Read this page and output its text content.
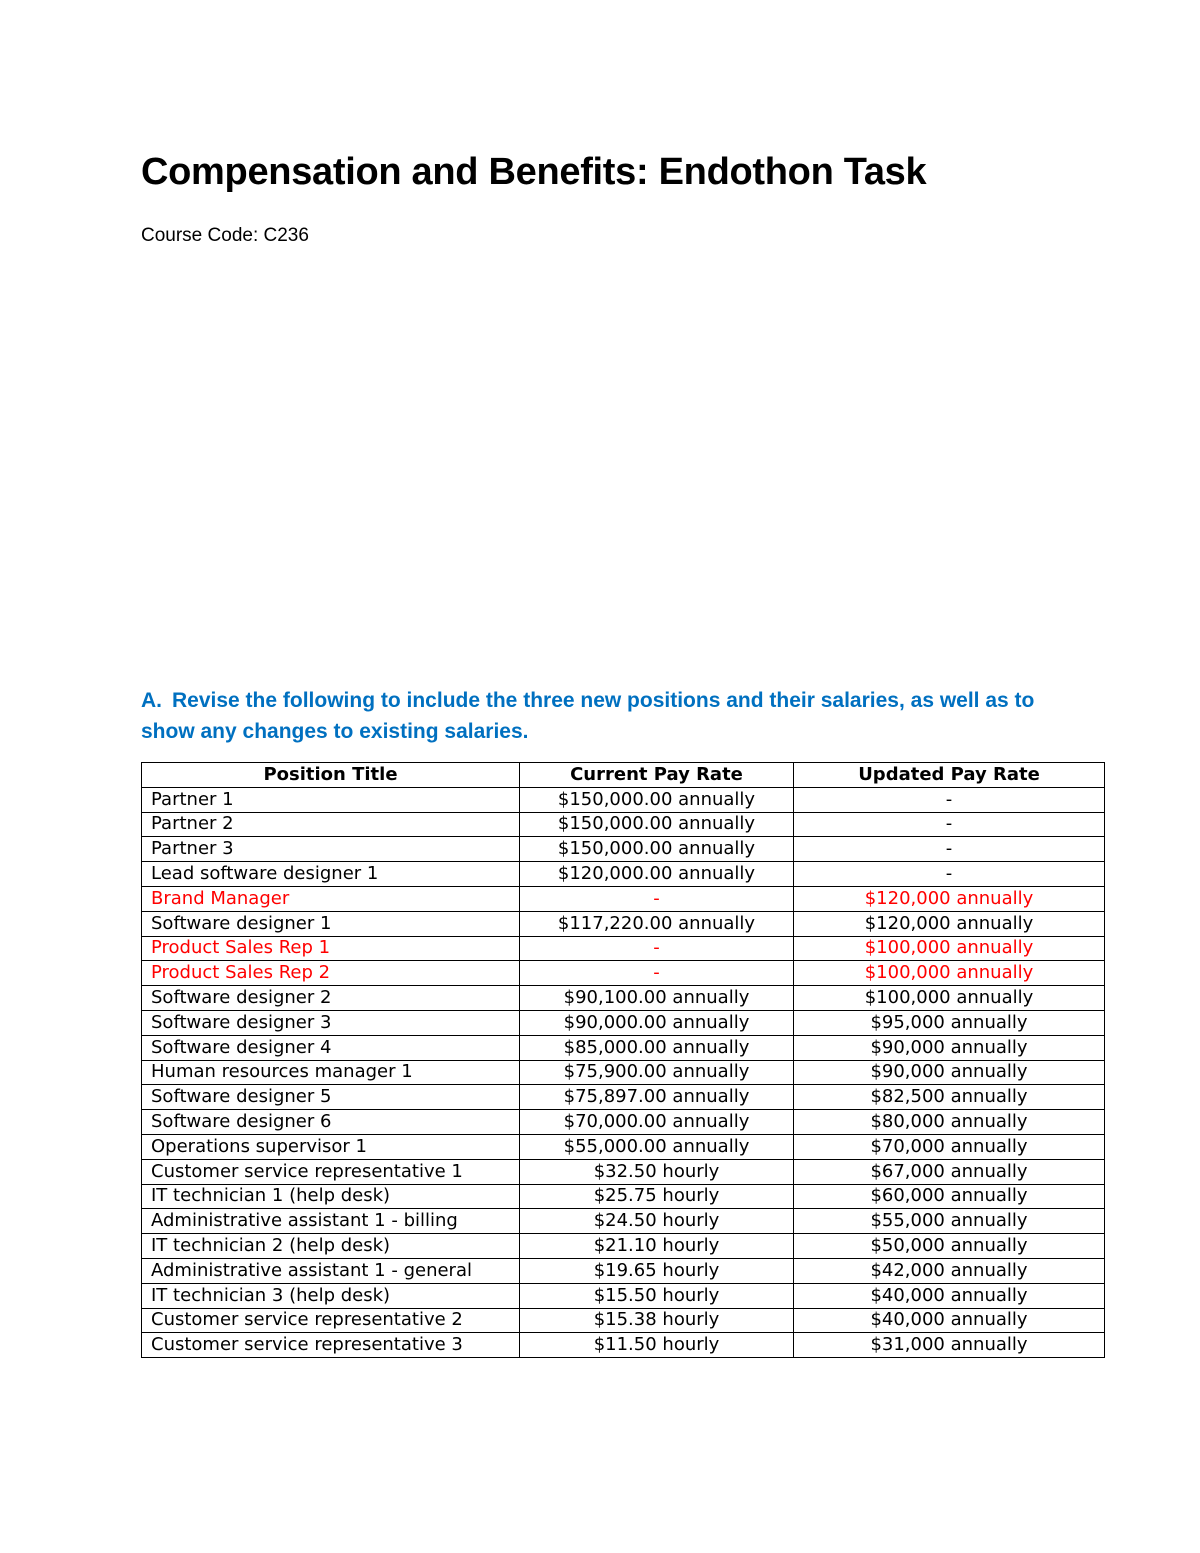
Compensation and Benefits: Endothon Task

Course Code: C236

A. Revise the following to include the three new positions and their salaries, as well as to show any changes to existing salaries.

Position Title	Current Pay Rate	Updated Pay Rate
Partner 1	$150,000.00 annually	-
Partner 2	$150,000.00 annually	-
Partner 3	$150,000.00 annually	-
Lead software designer 1	$120,000.00 annually	-
Brand Manager	-	$120,000 annually
Software designer 1	$117,220.00 annually	$120,000 annually
Product Sales Rep 1	-	$100,000 annually
Product Sales Rep 2	-	$100,000 annually
Software designer 2	$90,100.00 annually	$100,000 annually
Software designer 3	$90,000.00 annually	$95,000 annually
Software designer 4	$85,000.00 annually	$90,000 annually
Human resources manager 1	$75,900.00 annually	$90,000 annually
Software designer 5	$75,897.00 annually	$82,500 annually
Software designer 6	$70,000.00 annually	$80,000 annually
Operations supervisor 1	$55,000.00 annually	$70,000 annually
Customer service representative 1	$32.50 hourly	$67,000 annually
IT technician 1 (help desk)	$25.75 hourly	$60,000 annually
Administrative assistant 1 - billing	$24.50 hourly	$55,000 annually
IT technician 2 (help desk)	$21.10 hourly	$50,000 annually
Administrative assistant 1 - general	$19.65 hourly	$42,000 annually
IT technician 3 (help desk)	$15.50 hourly	$40,000 annually
Customer service representative 2	$15.38 hourly	$40,000 annually
Customer service representative 3	$11.50 hourly	$31,000 annually
